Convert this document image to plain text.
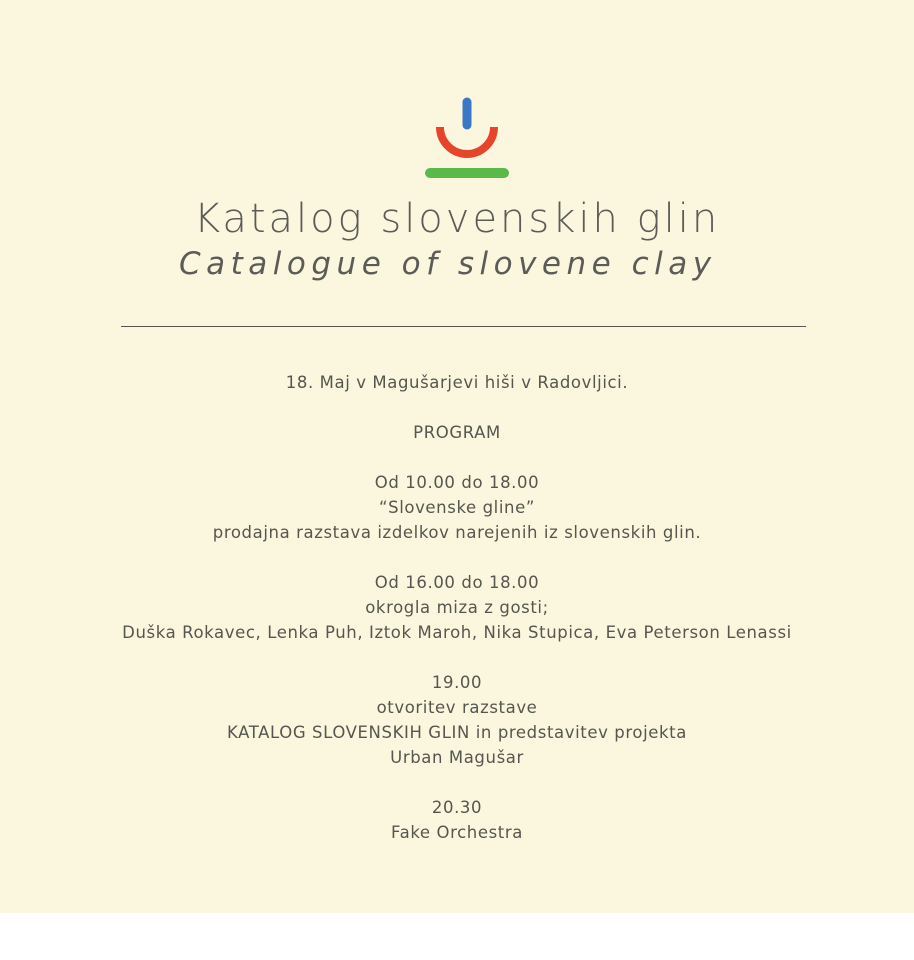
Katalog slovenskih glin
Catalogue of slovene clay
18. Maj v Magušarjevi hiši v Radovljici.
PROGRAM
Od 10.00 do 18.00
“Slovenske gline”
prodajna razstava izdelkov narejenih iz slovenskih glin.
Od 16.00 do 18.00
okrogla miza z gosti;
Duška Rokavec, Lenka Puh, Iztok Maroh, Nika Stupica, Eva Peterson Lenassi
19.00
otvoritev razstave
KATALOG SLOVENSKIH GLIN in predstavitev projekta
Urban Magušar
20.30
Fake Orchestra
